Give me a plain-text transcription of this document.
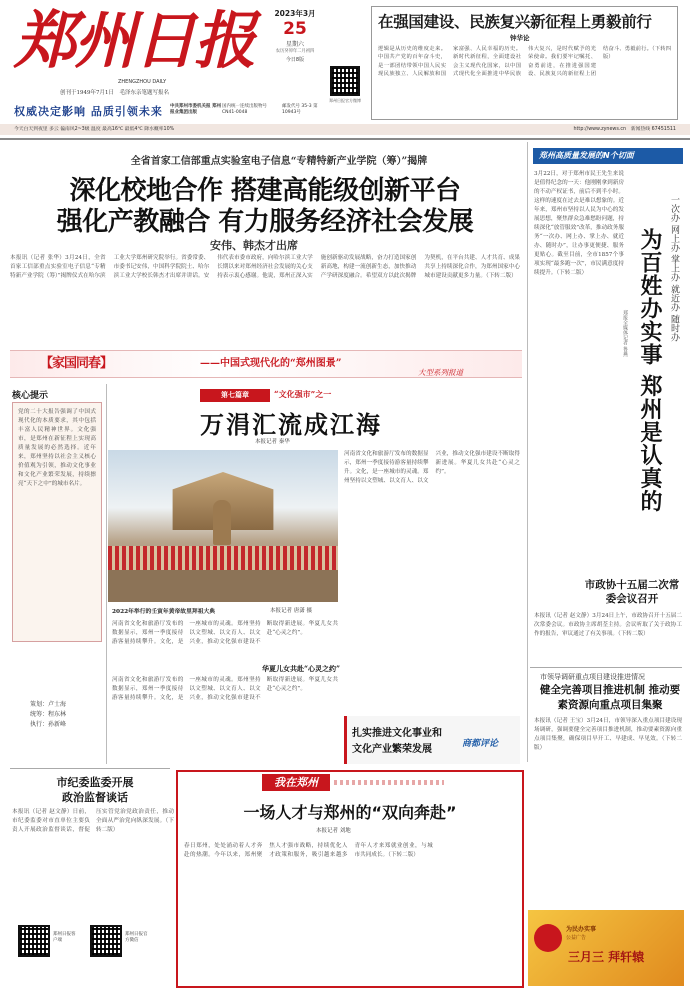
郑州日报
ZHENGZHOU DAILY
创刊于1949年7月1日　 毛泽东亲笔题写报名
2023年3月
25
星期六
农历癸卯年二月初四
今日8版
郑州日报官方微博
权威决定影响 品质引领未来 中共郑州市委机关报 郑州报业集团出版
国内统一连续出版物号 CN41-0048
邮发代号 35-3 第10943号
今天白天到夜里 多云 偏南风2~3级 温度 最高16℃ 最低4℃ 降水概率10%	http://www.zynews.cn　 新闻热线 67451511
在强国建设、民族复兴新征程上勇毅前行
钟华论
逻辑是从历史的维度走来。中国共产党的百年奋斗史，是一部团结带领中国人民实现民族独立、人民解放和国家富强、人民幸福的历史。新时代新征程，全面建设社会主义现代化国家，以中国式现代化全面推进中华民族伟大复兴，是时代赋予的光荣使命。我们要牢记嘱托、奋勇前进，在推进强国建设、民族复兴的新征程上团结奋斗、勇毅前行。（下转四版）
全省首家工信部重点实验室电子信息“专精特新产业学院（筹）”揭牌
深化校地合作 搭建高能级创新平台
强化产教融合 有力服务经济社会发展
安伟、韩杰才出席
本报讯（记者 张华）3月24日，全省首家工信部重点实验室电子信息“专精特新产业学院（筹）”揭牌仪式在哈尔滨工业大学郑州研究院举行。省委常委、市委书记安伟，中国科学院院士、哈尔滨工业大学校长韩杰才出席并讲话。安伟代表市委市政府，向哈尔滨工业大学长期以来对郑州经济社会发展的关心支持表示衷心感谢。他说，郑州正深入实施创新驱动发展战略，奋力打造国家创新高地，构建一流创新生态，加快推动产学研深度融合。希望双方以此次揭牌为契机，在平台共建、人才共育、成果共享上持续深化合作，为郑州国家中心城市建设贡献更多力量。（下转二版）
郑州高质量发展的N个切面
3月22日，对于郑州市民王先生来说是值得纪念的一天：他刚刚拿到新房的不动产权证书，前后不到半小时。这样的速度在过去是难以想象的。近年来，郑州市坚持以人民为中心的发展思想，聚焦群众急难愁盼问题，持续深化“放管服效”改革，推动政务服务“一次办、网上办、掌上办、就近办、随时办”，让办事更便捷、服务更贴心。截至目前，全市1857个事项实现“最多跑一次”，市民满意度持续提升。（下转二版）	为百姓办实事 郑州是认真的 一次办 网上办 掌上办 就近办 随时办
郑报全媒体记者 鲁燕
【家国同春】	——中国式现代化的“郑州图景”
大型系列报道
核心提示
党的二十大报告强调了中国式现代化的本质要求，其中包括丰富人民精神世界。文化强市，是郑州在新征程上实现高质量发展的必然选择。近年来，郑州坚持以社会主义核心价值观为引领，推动文化事业和文化产业繁荣发展，持续擦亮“天下之中”的城市名片。
策划：卢士海
统筹：程东林
执行：孙新峰
第七篇章	“文化强市”之一
万涓汇流成江海
本报记者 秦华
2022年举行的壬寅年黄帝故里拜祖大典	本报记者 唐潇 摄
河南省文化和旅游厅发布的数据显示，郑州一季度接待游客量持续攀升。文化，是一座城市的灵魂。郑州坚持以文塑城、以文育人、以文兴业，推动文化强市建设不断取得新进展。华夏儿女共赴“心灵之约”。
河南省文化和旅游厅发布的数据显示，郑州一季度接待游客量持续攀升。文化，是一座城市的灵魂。郑州坚持以文塑城、以文育人、以文兴业，推动文化强市建设不断取得新进展。华夏儿女共赴“心灵之约”。
华夏儿女共赴“心灵之约”
河南省文化和旅游厅发布的数据显示，郑州一季度接待游客量持续攀升。文化，是一座城市的灵魂。郑州坚持以文塑城、以文育人、以文兴业，推动文化强市建设不断取得新进展。华夏儿女共赴“心灵之约”。
扎实推进文化事业和
文化产业繁荣发展	商都评论
市政协十五届二次常委会议召开
本报讯（记者 赵文静）3月24日上午，市政协召开十五届二次常委会议。市政协主席胡荃主持。会议听取了关于政协工作的报告，审议通过了有关事项。（下转二版）
市领导调研重点项目建设推进情况
健全完善项目推进机制 推动要素资源向重点项目集聚
本报讯（记者 王宝）3月24日，市领导深入重点项目建设现场调研，强调要健全完善项目推进机制，推动要素资源向重点项目集聚，确保项目早开工、早建成、早见效。（下转二版）
市纪委监委开展
政治监督谈话
本报讯（记者 赵文静）日前，市纪委监委对市直单位主要负责人开展政治监督谈话，督促压实管党治党政治责任，推动全面从严治党向纵深发展。（下转二版）
郑州日报客户端
郑州日报官方微信
我在郑州
一场人才与郑州的“双向奔赴”
本报记者 刘地
春日郑州，处处涌动着人才奔赴的热潮。今年以来，郑州聚焦人才强市战略，持续优化人才政策和服务，吸引越来越多青年人才来郑就业创业，与城市共同成长。（下转二版）
为民办实事
公益广告
三月三 拜轩辕
